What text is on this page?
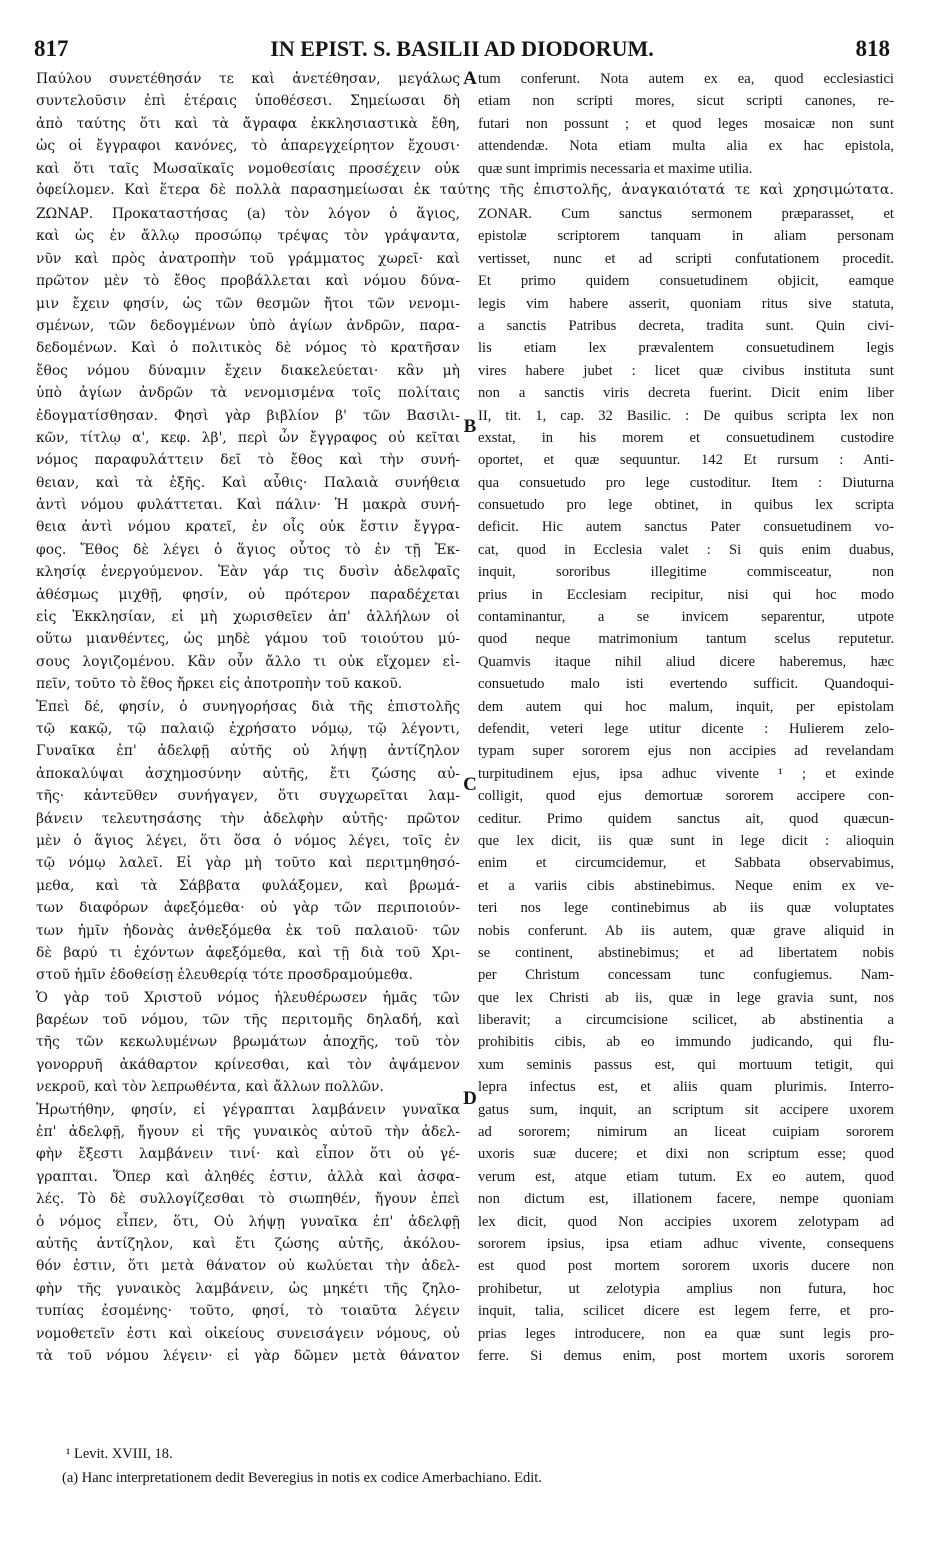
817	IN EPIST. S. BASILII AD DIODORUM.	818
Παύλου συνετέθησάν τε καὶ ἀνετέθησαν, μεγάλως
συντελοῦσιν ἐπὶ ἑτέραις ὑποθέσεσι. Σημείωσαι δὴ
ἀπὸ ταύτης ὅτι καὶ τὰ ἄγραφα ἐκκλησιαστικὰ ἔθη,
ὡς οἱ ἔγγραφοι κανόνες, τὸ ἀπαρεγχείρητον ἔχουσι·
καὶ ὅτι ταῖς Μωσαϊκαῖς νομοθεσίαις προσέχειν οὐκ
tum conferunt. Nota autem ex ea, quod ecclesiastici
etiam non scripti mores, sicut scripti canones, re-
futari non possunt ; et quod leges mosaicæ non sunt
attendendæ. Nota etiam multa alia ex hac epistola,
quæ sunt imprimis necessaria et maxime utilia.
ὀφείλομεν. Καὶ ἕτερα δὲ πολλὰ παρασημείωσαι ἐκ ταύτης τῆς ἐπιστολῆς, ἀναγκαιότατά τε καὶ χρησιμώτατα.
ΖΩΝΑΡ. Προκαταστήσας (a) τὸν λόγον ὁ ἅγιος,
καὶ ὡς ἐν ἄλλῳ προσώπῳ τρέψας τὸν γράψαντα,
νῦν καὶ πρὸς ἀνατροπὴν τοῦ γράμματος χωρεῖ· καὶ
πρῶτον μὲν τὸ ἔθος προβάλλεται καὶ νόμου δύνα-
μιν ἔχειν φησίν, ὡς τῶν θεσμῶν ἤτοι τῶν νενομι-
σμένων, τῶν δεδογμένων ὑπὸ ἁγίων ἀνδρῶν, παρα-
δεδομένων. Καὶ ὁ πολιτικὸς δὲ νόμος τὸ κρατῆσαν
ἔθος νόμου δύναμιν ἔχειν διακελεύεται· κἂν μὴ
ὑπὸ ἁγίων ἀνδρῶν τὰ νενομισμένα τοῖς πολίταις
ἐδογματίσθησαν. Φησὶ γὰρ βιβλίον β' τῶν Βασιλι-
κῶν, τίτλῳ α', κεφ. λβ', περὶ ὧν ἔγγραφος οὐ κεῖται
νόμος παραφυλάττειν δεῖ τὸ ἔθος καὶ τὴν συνή-
θειαν, καὶ τὰ ἑξῆς. Καὶ αὖθις· Παλαιὰ συνήθεια
ἀντὶ νόμου φυλάττεται. Καὶ πάλιν· Ἡ μακρὰ συνή-
θεια ἀντὶ νόμου κρατεῖ, ἐν οἷς οὐκ ἔστιν ἔγγρα-
φος. Ἔθος δὲ λέγει ὁ ἅγιος οὗτος τὸ ἐν τῇ Ἐκ-
κλησίᾳ ἐνεργούμενον. Ἐὰν γάρ τις δυσὶν ἀδελφαῖς
ἀθέσμως μιχθῇ, φησίν, οὐ πρότερον παραδέχεται
εἰς Ἐκκλησίαν, εἰ μὴ χωρισθεῖεν ἀπ' ἀλλήλων οἱ
οὕτω μιανθέντες, ὡς μηδὲ γάμου τοῦ τοιούτου μύ-
σους λογιζομένου. Κἂν οὖν ἄλλο τι οὐκ εἴχομεν εἰ-
πεῖν, τοῦτο τὸ ἔθος ἤρκει εἰς ἀποτροπὴν τοῦ κακοῦ.
Ἐπεὶ δέ, φησίν, ὁ συνηγορήσας διὰ τῆς ἐπιστολῆς
τῷ κακῷ, τῷ παλαιῷ ἐχρήσατο νόμῳ, τῷ λέγοντι,
Γυναῖκα ἐπ' ἀδελφῇ αὐτῆς οὐ λήψῃ ἀντίζηλον
ἀποκαλύψαι ἀσχημοσύνην αὐτῆς, ἔτι ζώσης αὐ-
τῆς· κἀντεῦθεν συνήγαγεν, ὅτι συγχωρεῖται λαμ-
βάνειν τελευτησάσης τὴν ἀδελφὴν αὐτῆς· πρῶτον
μὲν ὁ ἅγιος λέγει, ὅτι ὅσα ὁ νόμος λέγει, τοῖς ἐν
τῷ νόμῳ λαλεῖ. Εἰ γὰρ μὴ τοῦτο καὶ περιτμηθησό-
μεθα, καὶ τὰ Σάββατα φυλάξομεν, καὶ βρωμά-
των διαφόρων ἀφεξόμεθα· οὐ γὰρ τῶν περιποιούν-
των ἡμῖν ἡδονὰς ἀνθεξόμεθα ἐκ τοῦ παλαιοῦ· τῶν
δὲ βαρύ τι ἐχόντων ἀφεξόμεθα, καὶ τῇ διὰ τοῦ Χρι-
στοῦ ἡμῖν ἐδοθείσῃ ἐλευθερίᾳ τότε προσδραμούμεθα.
Ὁ γὰρ τοῦ Χριστοῦ νόμος ἠλευθέρωσεν ἡμᾶς τῶν
βαρέων τοῦ νόμου, τῶν τῆς περιτομῆς δηλαδή, καὶ
τῆς τῶν κεκωλυμένων βρωμάτων ἀποχῆς, τοῦ τὸν
γονορρυῆ ἀκάθαρτον κρίνεσθαι, καὶ τὸν ἁψάμενον
νεκροῦ, καὶ τὸν λεπρωθέντα, καὶ ἄλλων πολλῶν.
Ἠρωτήθην, φησίν, εἰ γέγραπται λαμβάνειν γυναῖκα
ἐπ' ἀδελφῇ, ἤγουν εἰ τῆς γυναικὸς αὐτοῦ τὴν ἀδελ-
φὴν ἔξεστι λαμβάνειν τινί· καὶ εἶπον ὅτι οὐ γέ-
γραπται. Ὅπερ καὶ ἀληθές ἐστιν, ἀλλὰ καὶ ἀσφα-
λές. Τὸ δὲ συλλογίζεσθαι τὸ σιωπηθέν, ἤγουν ἐπεὶ
ὁ νόμος εἶπεν, ὅτι, Οὐ λήψῃ γυναῖκα ἐπ' ἀδελφῇ
αὐτῆς ἀντίζηλον, καὶ ἔτι ζώσης αὐτῆς, ἀκόλου-
θόν ἐστιν, ὅτι μετὰ θάνατον οὐ κωλύεται τὴν ἀδελ-
φὴν τῆς γυναικὸς λαμβάνειν, ὡς μηκέτι τῆς ζηλο-
τυπίας ἐσομένης· τοῦτο, φησί, τὸ τοιαῦτα λέγειν
νομοθετεῖν ἐστι καὶ οἰκείους συνεισάγειν νόμους, οὐ
τὰ τοῦ νόμου λέγειν· εἰ γὰρ δῶμεν μετὰ θάνατον
ZONAR. Cum sanctus sermonem præparasset, et
epistolæ scriptorem tanquam in aliam personam
vertisset, nunc et ad scripti confutationem procedit.
Et primo quidem consuetudinem objicit, eamque
legis vim habere asserit, quoniam ritus sive statuta,
a sanctis Patribus decreta, tradita sunt. Quin civi-
lis etiam lex prævalentem consuetudinem legis
vires habere jubet : licet quæ civibus instituta sunt
non a sanctis viris decreta fuerint. Dicit enim liber
II, tit. 1, cap. 32 Basilic. : De quibus scripta lex non
exstat, in his morem et consuetudinem custodire
oportet, et quæ sequuntur. 142 Et rursum : Anti-
qua consuetudo pro lege custoditur. Item : Diuturna
consuetudo pro lege obtinet, in quibus lex scripta
deficit. Hic autem sanctus Pater consuetudinem vo-
cat, quod in Ecclesia valet : Si quis enim duabus,
inquit, sororibus illegitime commisceatur, non
prius in Ecclesiam recipitur, nisi qui hoc modo
contaminantur, a se invicem separentur, utpote
quod neque matrimonium tantum scelus reputetur.
Quamvis itaque nihil aliud dicere haberemus, hæc
consuetudo malo isti evertendo sufficit. Quandoqui-
dem autem qui hoc malum, inquit, per epistolam
defendit, veteri lege utitur dicente : Hulierem zelo-
typam super sororem ejus non accipies ad revelandam
turpitudinem ejus, ipsa adhuc vivente ¹ ; et exinde
colligit, quod ejus demortuæ sororem accipere con-
ceditur. Primo quidem sanctus ait, quod quæcun-
que lex dicit, iis quæ sunt in lege dicit : alioquin
enim et circumcidemur, et Sabbata observabimus,
et a variis cibis abstinebimus. Neque enim ex ve-
teri nos lege continebimus ab iis quæ voluptates
nobis conferunt. Ab iis autem, quæ grave aliquid in
se continent, abstinebimus; et ad libertatem nobis
per Christum concessam tunc confugiemus. Nam-
que lex Christi ab iis, quæ in lege gravia sunt, nos
liberavit; a circumcisione scilicet, ab abstinentia a
prohibitis cibis, ab eo immundo judicando, qui flu-
xum seminis passus est, qui mortuum tetigit, qui
lepra infectus est, et aliis quam plurimis. Interro-
gatus sum, inquit, an scriptum sit accipere uxorem
ad sororem; nimirum an liceat cuipiam sororem
uxoris suæ ducere; et dixi non scriptum esse; quod
verum est, atque etiam tutum. Ex eo autem, quod
non dictum est, illationem facere, nempe quoniam
lex dicit, quod Non accipies uxorem zelotypam ad
sororem ipsius, ipsa etiam adhuc vivente, consequens
est quod post mortem sororem uxoris ducere non
prohibetur, ut zelotypia amplius non futura, hoc
inquit, talia, scilicet dicere est legem ferre, et pro-
prias leges introducere, non ea quæ sunt legis pro-
ferre. Si demus enim, post mortem uxoris sororem
A
B
C
D
¹ Levit. XVIII, 18.
(a) Hanc interpretationem dedit Beveregius in notis ex codice Amerbachiano. Edit.
